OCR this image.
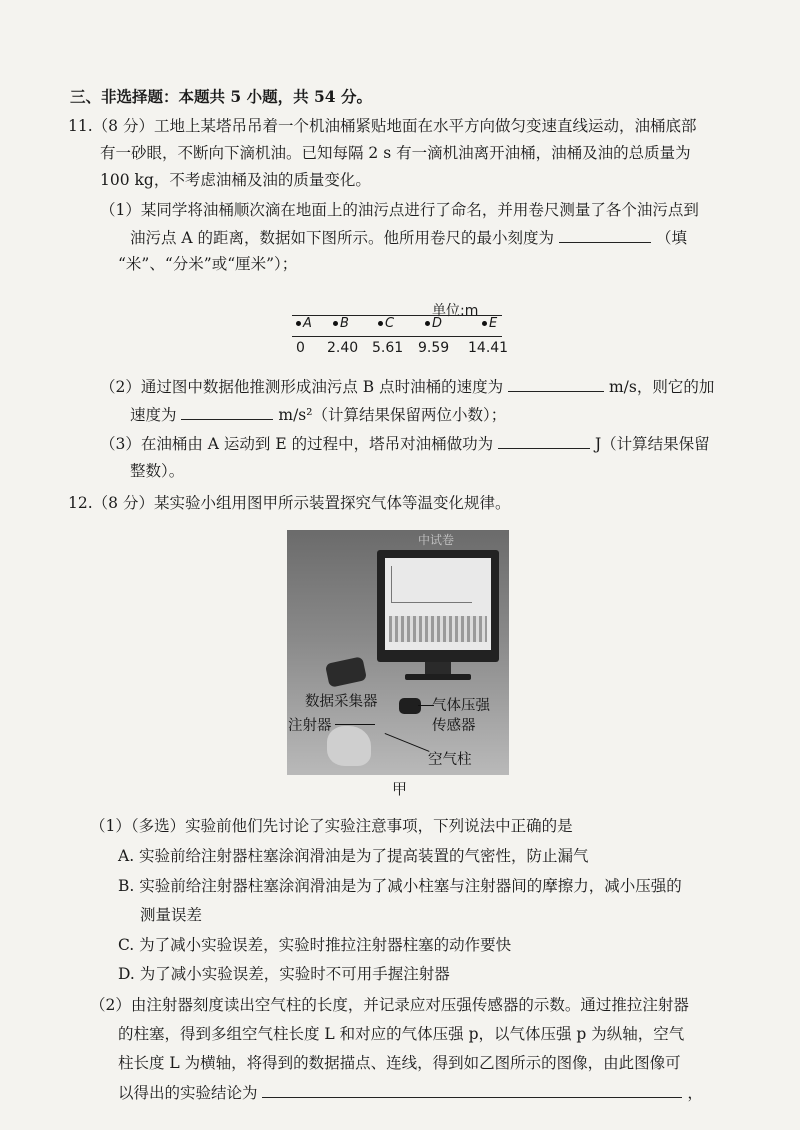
三、非选择题：本题共 5 小题，共 54 分。
11.（8 分）工地上某塔吊吊着一个机油桶紧贴地面在水平方向做匀变速直线运动，油桶底部
有一砂眼，不断向下滴机油。已知每隔 2 s 有一滴机油离开油桶，油桶及油的总质量为
100 kg，不考虑油桶及油的质量变化。
（1）某同学将油桶顺次滴在地面上的油污点进行了命名，并用卷尺测量了各个油污点到
油污点 A 的距离，数据如下图所示。他所用卷尺的最小刻度为	（填
“米”、“分米”或“厘米”）；
单位:m
A	B	C	D	E
0 2.40 5.61 9.59 14.41
（2）通过图中数据他推测形成油污点 B 点时油桶的速度为	m/s，则它的加
速度为	m/s²（计算结果保留两位小数）；
（3）在油桶由 A 运动到 E 的过程中，塔吊对油桶做功为	J（计算结果保留
整数）。
12.（8 分）某实验小组用图甲所示装置探究气体等温变化规律。
中试卷
数据采集器
注射器
气体压强
传感器
空气柱
甲
（1）（多选）实验前他们先讨论了实验注意事项，下列说法中正确的是
A. 实验前给注射器柱塞涂润滑油是为了提高装置的气密性，防止漏气
B. 实验前给注射器柱塞涂润滑油是为了减小柱塞与注射器间的摩擦力，减小压强的
测量误差
C. 为了减小实验误差，实验时推拉注射器柱塞的动作要快
D. 为了减小实验误差，实验时不可用手握注射器
（2）由注射器刻度读出空气柱的长度，并记录应对压强传感器的示数。通过推拉注射器
的柱塞，得到多组空气柱长度 L 和对应的气体压强 p，以气体压强 p 为纵轴，空气
柱长度 L 为横轴，将得到的数据描点、连线，得到如乙图所示的图像，由此图像可
以得出的实验结论为	，
